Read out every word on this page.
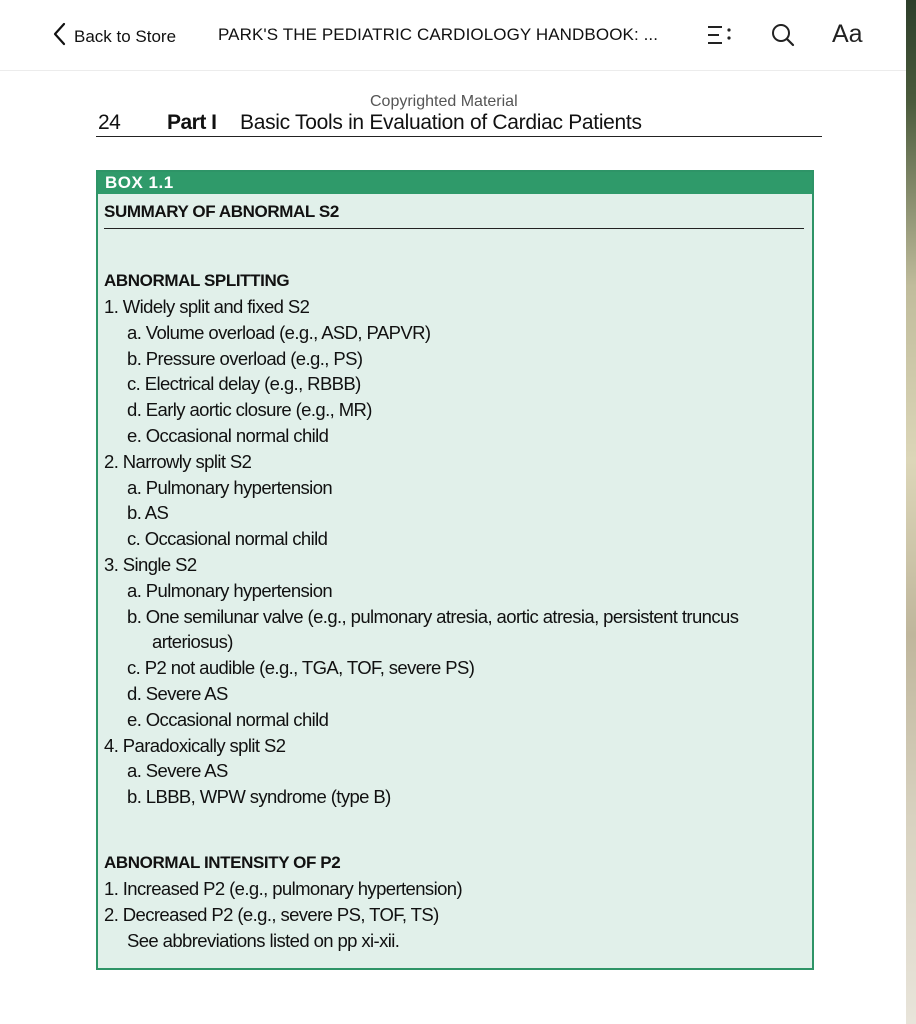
Back to Store PARK'S THE PEDIATRIC CARDIOLOGY HANDBOOK: ...	Aa
Copyrighted Material
24 Part I Basic Tools in Evaluation of Cardiac Patients
BOX 1.1
SUMMARY OF ABNORMAL S2
ABNORMAL SPLITTING
1. Widely split and fixed S2
a. Volume overload (e.g., ASD, PAPVR)
b. Pressure overload (e.g., PS)
c. Electrical delay (e.g., RBBB)
d. Early aortic closure (e.g., MR)
e. Occasional normal child
2. Narrowly split S2
a. Pulmonary hypertension
b. AS
c. Occasional normal child
3. Single S2
a. Pulmonary hypertension
b. One semilunar valve (e.g., pulmonary atresia, aortic atresia, persistent truncus arteriosus)
c. P2 not audible (e.g., TGA, TOF, severe PS)
d. Severe AS
e. Occasional normal child
4. Paradoxically split S2
a. Severe AS
b. LBBB, WPW syndrome (type B)
ABNORMAL INTENSITY OF P2
1. Increased P2 (e.g., pulmonary hypertension)
2. Decreased P2 (e.g., severe PS, TOF, TS)
See abbreviations listed on pp xi-xii.
